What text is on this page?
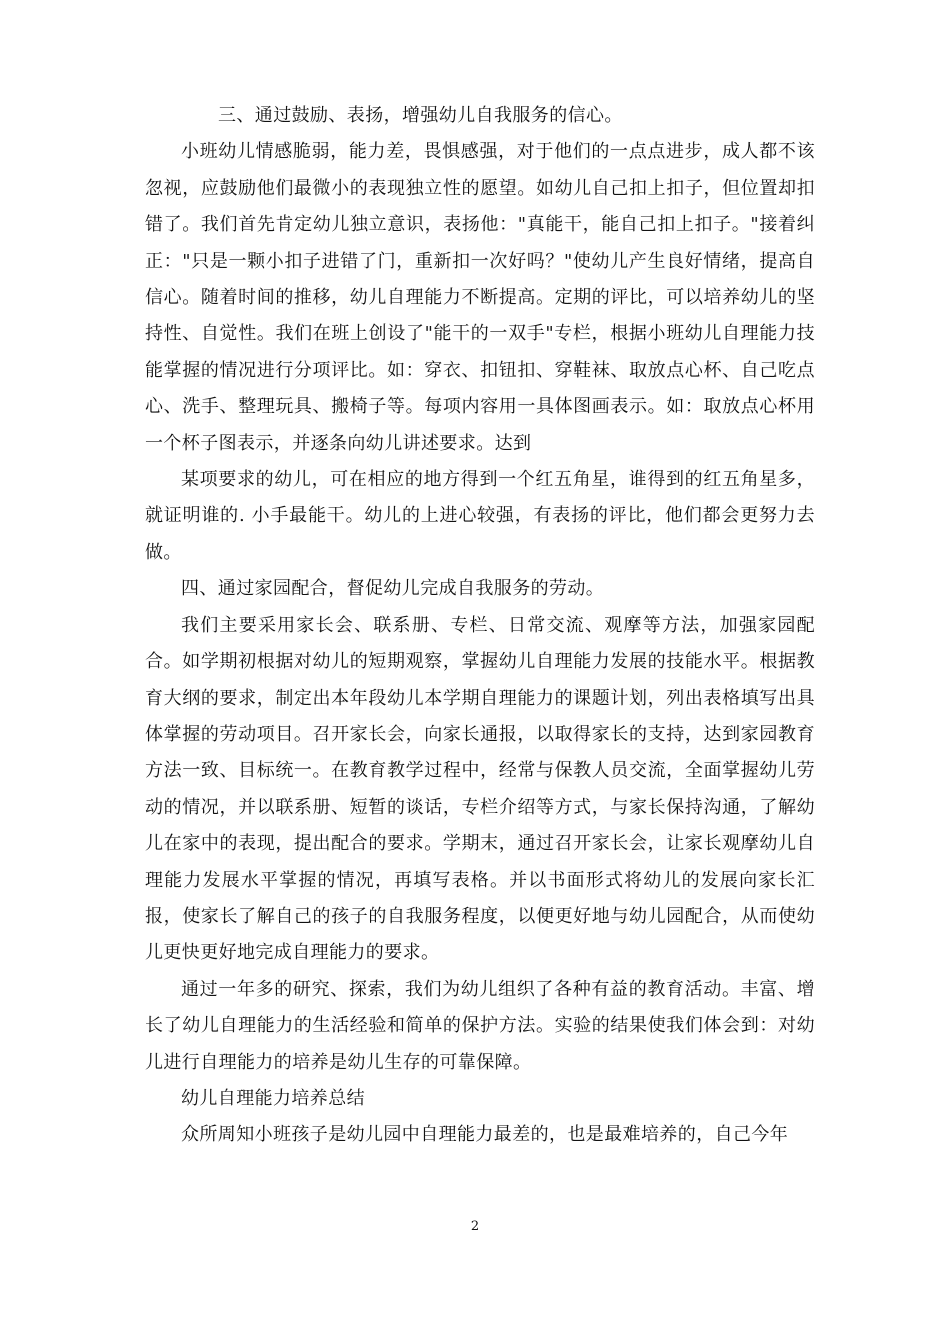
三、通过鼓励、表扬，增强幼儿自我服务的信心。

小班幼儿情感脆弱，能力差，畏惧感强，对于他们的一点点进步，成人都不该忽视，应鼓励他们最微小的表现独立性的愿望。如幼儿自己扣上扣子，但位置却扣错了。我们首先肯定幼儿独立意识，表扬他："真能干，能自己扣上扣子。"接着纠正："只是一颗小扣子进错了门，重新扣一次好吗？"使幼儿产生良好情绪，提高自信心。随着时间的推移，幼儿自理能力不断提高。定期的评比，可以培养幼儿的坚持性、自觉性。我们在班上创设了"能干的一双手"专栏，根据小班幼儿自理能力技能掌握的情况进行分项评比。如：穿衣、扣钮扣、穿鞋袜、取放点心杯、自己吃点心、洗手、整理玩具、搬椅子等。每项内容用一具体图画表示。如：取放点心杯用一个杯子图表示，并逐条向幼儿讲述要求。达到

某项要求的幼儿，可在相应的地方得到一个红五角星，谁得到的红五角星多，就证明谁的. 小手最能干。幼儿的上进心较强，有表扬的评比，他们都会更努力去做。

四、通过家园配合，督促幼儿完成自我服务的劳动。

我们主要采用家长会、联系册、专栏、日常交流、观摩等方法，加强家园配合。如学期初根据对幼儿的短期观察，掌握幼儿自理能力发展的技能水平。根据教育大纲的要求，制定出本年段幼儿本学期自理能力的课题计划，列出表格填写出具体掌握的劳动项目。召开家长会，向家长通报，以取得家长的支持，达到家园教育方法一致、目标统一。在教育教学过程中，经常与保教人员交流，全面掌握幼儿劳动的情况，并以联系册、短暂的谈话，专栏介绍等方式，与家长保持沟通，了解幼儿在家中的表现，提出配合的要求。学期末，通过召开家长会，让家长观摩幼儿自理能力发展水平掌握的情况，再填写表格。并以书面形式将幼儿的发展向家长汇报，使家长了解自己的孩子的自我服务程度，以便更好地与幼儿园配合，从而使幼儿更快更好地完成自理能力的要求。

通过一年多的研究、探索，我们为幼儿组织了各种有益的教育活动。丰富、增长了幼儿自理能力的生活经验和简单的保护方法。实验的结果使我们体会到：对幼儿进行自理能力的培养是幼儿生存的可靠保障。

幼儿自理能力培养总结

众所周知小班孩子是幼儿园中自理能力最差的，也是最难培养的，自己今年

2
